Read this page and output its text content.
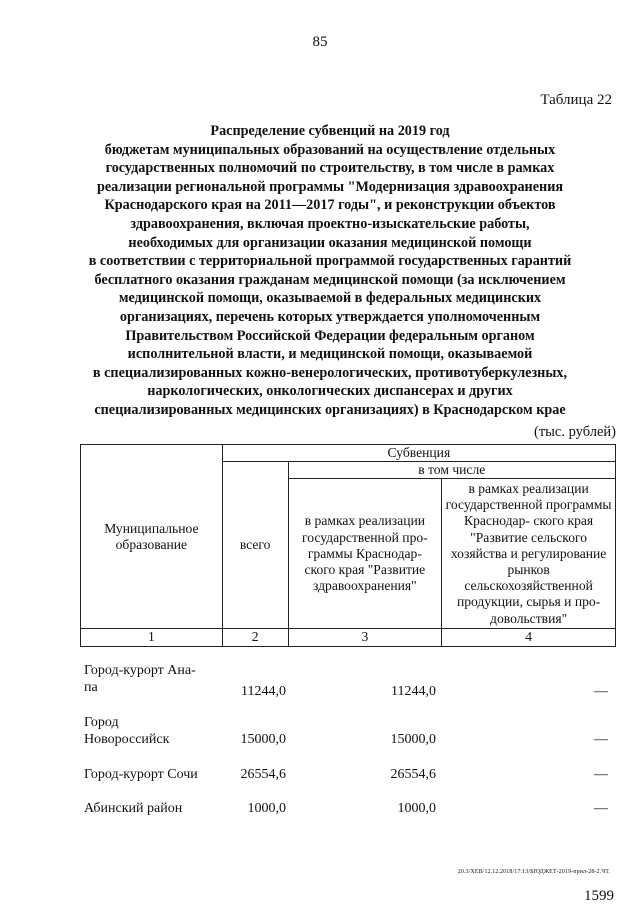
85
Таблица 22
Распределение субвенций на 2019 год
бюджетам муниципальных образований на осуществление отдельных
государственных полномочий по строительству, в том числе в рамках
реализации региональной программы "Модернизация здравоохранения
Краснодарского края на 2011—2017 годы", и реконструкции объектов
здравоохранения, включая проектно-изыскательские работы,
необходимых для организации оказания медицинской помощи
в соответствии с территориальной программой государственных гарантий
бесплатного оказания гражданам медицинской помощи (за исключением
медицинской помощи, оказываемой в федеральных медицинских
организациях, перечень которых утверждается уполномоченным
Правительством Российской Федерации федеральным органом
исполнительной власти, и медицинской помощи, оказываемой
в специализированных кожно-венерологических, противотуберкулезных,
наркологических, онкологических диспансерах и других
специализированных медицинских организациях) в Краснодарском крае
(тыс. рублей)
Муниципальное образование	Субвенция		
	всего	в том числе	
		в рамках реализации государственной про- граммы Краснодар- ского края "Развитие здравоохранения"	в рамках реализации государственной программы Краснодар- ского края "Развитие сельского хозяйства и регулирование рынков сельскохозяйственной продукции, сырья и про- довольствия"
1	2	3	4
Город-курорт Ана-
па	11244,0	11244,0	—
Город
Новороссийск	15000,0	15000,0	—
Город-курорт Сочи	26554,6	26554,6	—
Абинский район	1000,0	1000,0	—
20.3/ХЕВ/12.12.2018/17:13/БЮДЖЕТ-2019-прил-28-2.ЧТ.
1599
